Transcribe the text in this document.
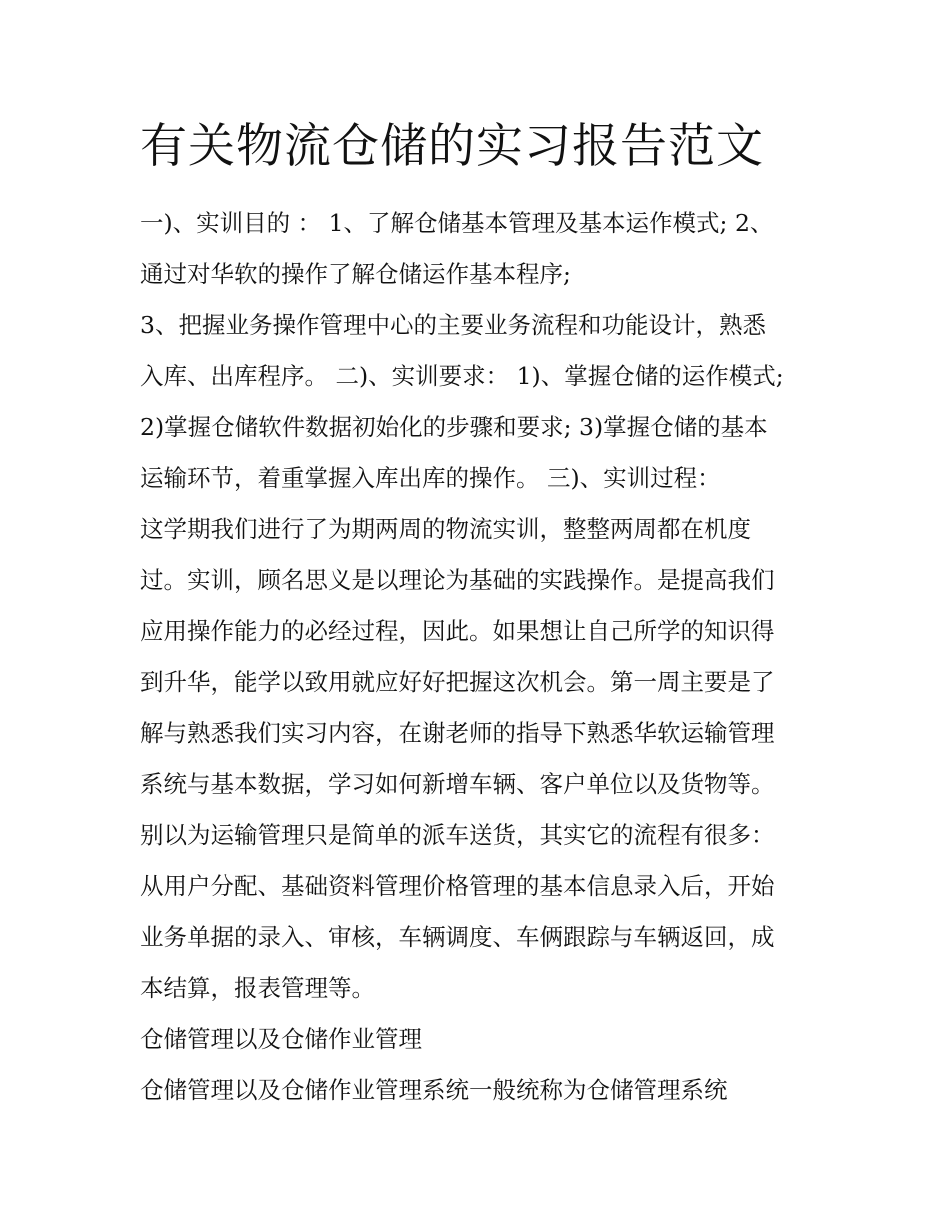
有关物流仓储的实习报告范文
一)、实训目的 ： 1、了解仓储基本管理及基本运作模式; 2、
通过对华软的操作了解仓储运作基本程序;
3、把握业务操作管理中心的主要业务流程和功能设计，熟悉
入库、出库程序。 二)、实训要求： 1)、掌握仓储的运作模式;
2)掌握仓储软件数据初始化的步骤和要求; 3)掌握仓储的基本
运输环节，着重掌握入库出库的操作。 三)、实训过程：
这学期我们进行了为期两周的物流实训，整整两周都在机度
过。实训，顾名思义是以理论为基础的实践操作。是提高我们
应用操作能力的必经过程，因此。如果想让自己所学的知识得
到升华，能学以致用就应好好把握这次机会。第一周主要是了
解与熟悉我们实习内容，在谢老师的指导下熟悉华软运输管理
系统与基本数据，学习如何新增车辆、客户单位以及货物等。
别以为运输管理只是简单的派车送货，其实它的流程有很多：
从用户分配、基础资料管理价格管理的基本信息录入后，开始
业务单据的录入、审核，车辆调度、车俩跟踪与车辆返回，成
本结算，报表管理等。
仓储管理以及仓储作业管理
仓储管理以及仓储作业管理系统一般统称为仓储管理系统
